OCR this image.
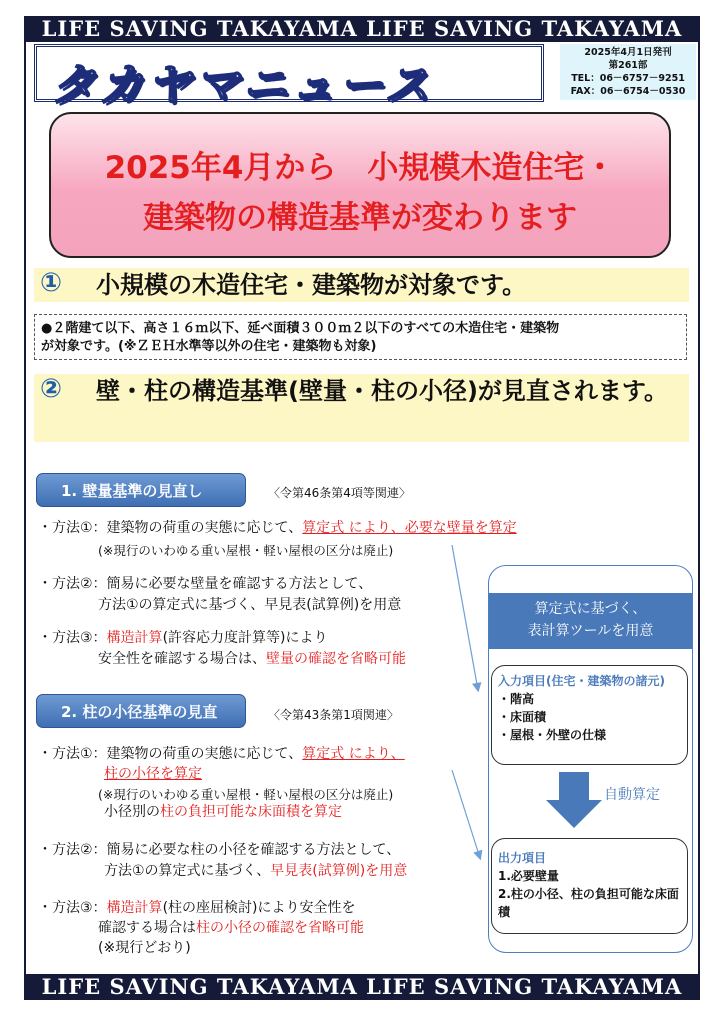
LIFE SAVING TAKAYAMA LIFE SAVING TAKAYAMA
タカヤマニュース
2025年4月1日発刊
第261部
TEL：06－6757－9251
FAX：06－6754－0530
2025年4月から　小規模木造住宅・
建築物の構造基準が変わります
① 小規模の木造住宅・建築物が対象です。
●２階建て以下、高さ１６ｍ以下、延べ面積３００ｍ２以下のすべての木造住宅・建築物
が対象です。(※ＺＥＨ水準等以外の住宅・建築物も対象)
② 壁・柱の構造基準(壁量・柱の小径)が見直されます。
1. 壁量基準の見直し	〈令第46条第4項等関連〉
・方法①：建築物の荷重の実態に応じて、算定式 により、必要な壁量を算定
(※現行のいわゆる重い屋根・軽い屋根の区分は廃止)
・方法②：簡易に必要な壁量を確認する方法として、
方法①の算定式に基づく、早見表(試算例)を用意
・方法③：構造計算(許容応力度計算等)により
安全性を確認する場合は、壁量の確認を省略可能
2. 柱の小径基準の見直	〈令第43条第1項関連〉
・方法①：建築物の荷重の実態に応じて、算定式 により、
柱の小径を算定
(※現行のいわゆる重い屋根・軽い屋根の区分は廃止)
小径別の柱の負担可能な床面積を算定
・方法②：簡易に必要な柱の小径を確認する方法として、
方法①の算定式に基づく、早見表(試算例)を用意
・方法③：構造計算(柱の座屈検討)により安全性を
確認する場合は柱の小径の確認を省略可能
(※現行どおり)
算定式に基づく、
表計算ツールを用意
入力項目(住宅・建築物の諸元)
・階高
・床面積
・屋根・外壁の仕様
自動算定
出力項目
1.必要壁量
2.柱の小径、柱の負担可能な床面積
LIFE SAVING TAKAYAMA LIFE SAVING TAKAYAMA
